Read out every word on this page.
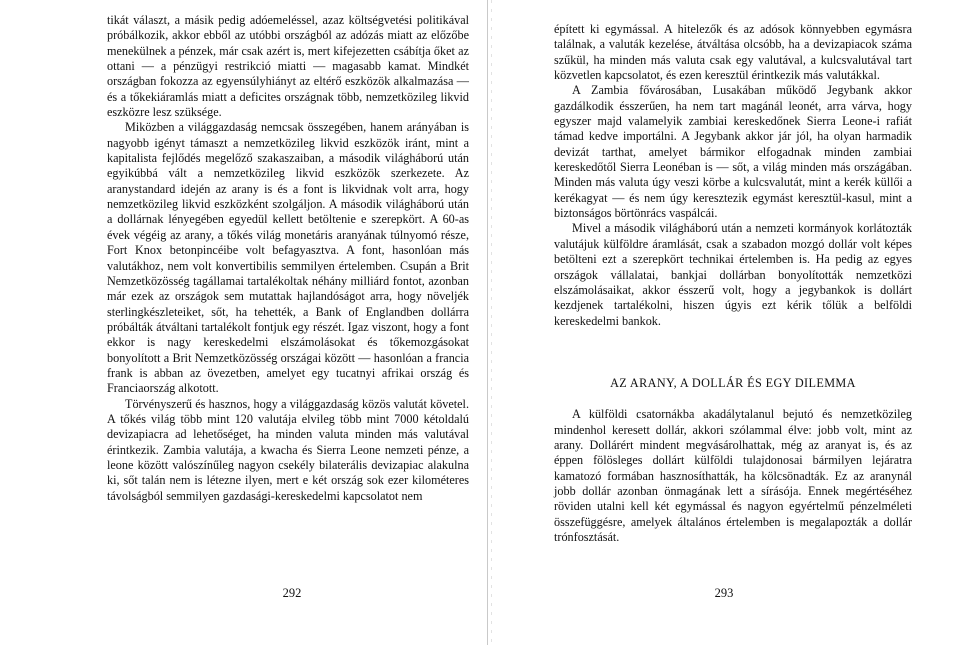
tikát választ, a másik pedig adóemeléssel, azaz költségvetési politikával próbálkozik, akkor ebből az utóbbi országból az adózás miatt az előzőbe menekülnek a pénzek, már csak azért is, mert kifejezetten csábítja őket az ottani — a pénzügyi restrikció miatti — magasabb kamat. Mindkét országban fokozza az egyensúlyhiányt az eltérő eszközök alkalmazása — és a tőkekiáramlás miatt a deficites országnak több, nemzetközileg likvid eszközre lesz szüksége.

Miközben a világgazdaság nemcsak összegében, hanem arányában is nagyobb igényt támaszt a nemzetközileg likvid eszközök iránt, mint a kapitalista fejlődés megelőző szakaszaiban, a második világháború után egyikúbbá vált a nemzetközileg likvid eszközök szerkezete. Az aranystandard idején az arany is és a font is likvidnak volt arra, hogy nemzetközileg likvid eszközként szolgáljon. A második világháború után a dollárnak lényegében egyedül kellett betöltenie e szerepkört. A 60-as évek végéig az arany, a tőkés világ monetáris aranyának túlnyomó része, Fort Knox betonpincéibe volt befagyasztva. A font, hasonlóan más valutákhoz, nem volt konvertibilis semmilyen értelemben. Csupán a Brit Nemzetközösség tagállamai tartalékoltak néhány milliárd fontot, azonban már ezek az országok sem mutattak hajlandóságot arra, hogy növeljék sterlingkészleteiket, sőt, ha tehették, a Bank of Englandben dollárra próbálták átváltani tartalékolt fontjuk egy részét. Igaz viszont, hogy a font ekkor is nagy kereskedelmi elszámolásokat és tőkemozgásokat bonyolított a Brit Nemzetközösség országai között — hasonlóan a francia frank is abban az övezetben, amelyet egy tucatnyi afrikai ország és Franciaország alkotott.

Törvényszerű és hasznos, hogy a világgazdaság közös valutát követel. A tőkés világ több mint 120 valutája elvileg több mint 7000 kétoldalú devizapiacra ad lehetőséget, ha minden valuta minden más valutával érintkezik. Zambia valutája, a kwacha és Sierra Leone nemzeti pénze, a leone között valószínűleg nagyon csekély bilaterális devizapiac alakulna ki, sőt talán nem is létezne ilyen, mert e két ország sok ezer kilométeres távolságból semmilyen gazdasági-kereskedelmi kapcsolatot nem

292

épített ki egymással. A hitelezők és az adósok könnyebben egymásra találnak, a valuták kezelése, átváltása olcsóbb, ha a devizapiacok száma szűkül, ha minden más valuta csak egy valutával, a kulcsvalutával tart közvetlen kapcsolatot, és ezen keresztül érintkezik más valutákkal.

A Zambia fővárosában, Lusakában működő Jegybank akkor gazdálkodik ésszerűen, ha nem tart magánál leonét, arra várva, hogy egyszer majd valamelyik zambiai kereskedőnek Sierra Leone-i rafiát támad kedve importálni. A Jegybank akkor jár jól, ha olyan harmadik devizát tarthat, amelyet bármikor elfogadnak minden zambiai kereskedőtől Sierra Leonéban is — sőt, a világ minden más országában. Minden más valuta úgy veszi körbe a kulcsvalutát, mint a kerék küllői a kerékagyat — és nem úgy keresztezik egymást keresztül-kasul, mint a biztonságos börtönrács vaspálcái.

Mivel a második világháború után a nemzeti kormányok korlátozták valutájuk külföldre áramlását, csak a szabadon mozgó dollár volt képes betölteni ezt a szerepkört technikai értelemben is. Ha pedig az egyes országok vállalatai, bankjai dollárban bonyolították nemzetközi elszámolásaikat, akkor ésszerű volt, hogy a jegybankok is dollárt kezdjenek tartalékolni, hiszen úgyis ezt kérik tőlük a belföldi kereskedelmi bankok.

AZ ARANY, A DOLLÁR ÉS EGY DILEMMA

A külföldi csatornákba akadálytalanul bejutó és nemzetközileg mindenhol keresett dollár, akkori szólammal élve: jobb volt, mint az arany. Dollárért mindent megvásárolhattak, még az aranyat is, és az éppen fölösleges dollárt külföldi tulajdonosai bármilyen lejáratra kamatozó formában hasznosíthatták, ha kölcsönadták. Ez az aranynál jobb dollár azonban önmagának lett a sírásója. Ennek megértéséhez röviden utalni kell két egymással és nagyon egyértelmű pénzelméleti összefüggésre, amelyek általános értelemben is megalapozták a dollár trónfosztását.

293
